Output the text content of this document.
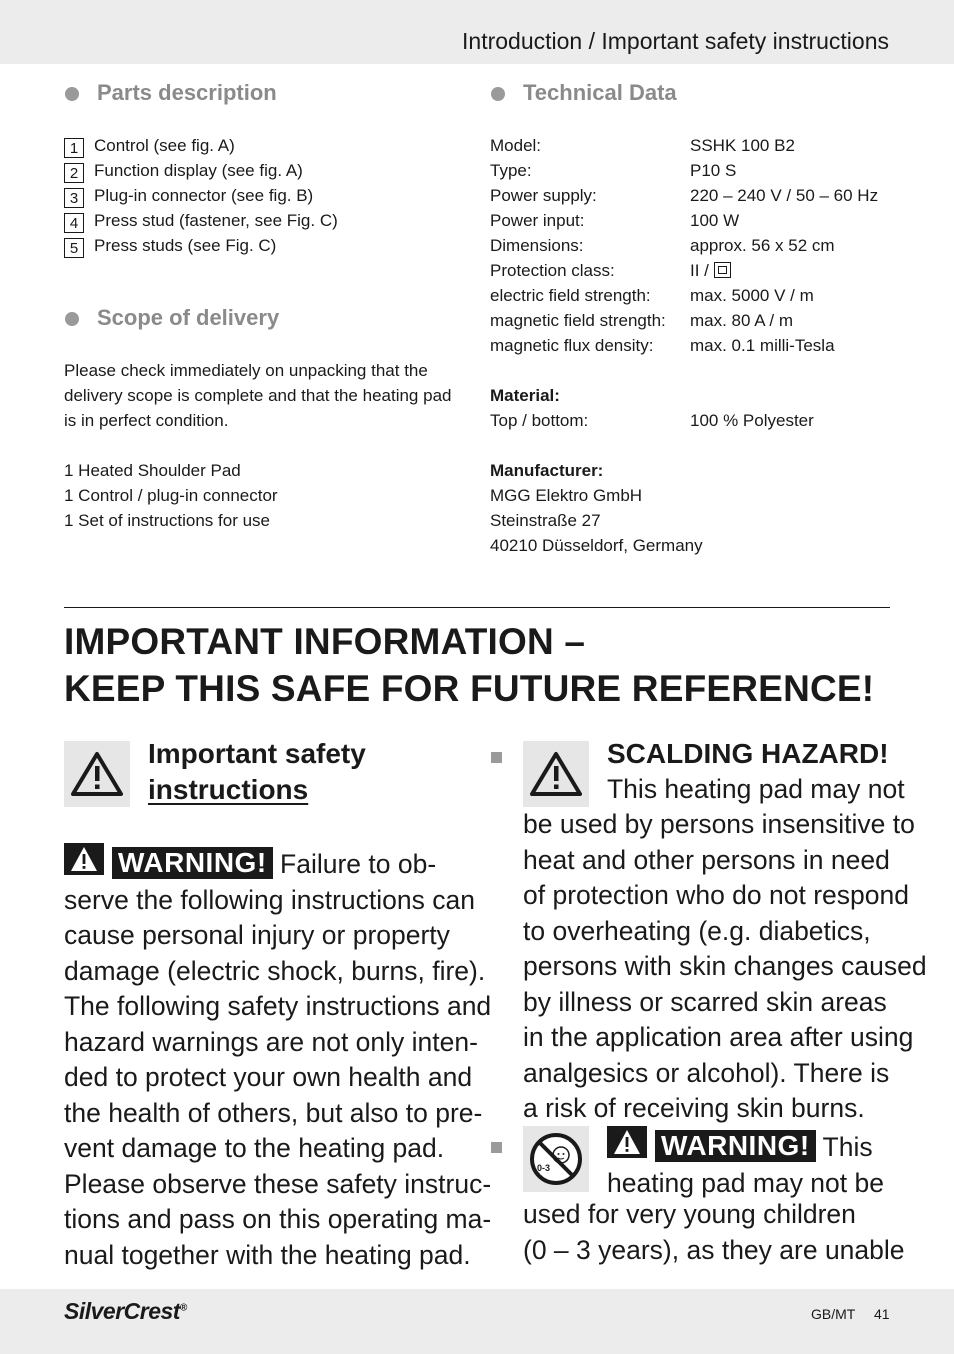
Introduction / Important safety instructions
Parts description
1 Control (see fig. A)
2 Function display (see fig. A)
3 Plug-in connector (see fig. B)
4 Press stud (fastener, see Fig. C)
5 Press studs (see Fig. C)
Scope of delivery
Please check immediately on unpacking that the
delivery scope is complete and that the heating pad
is in perfect condition.
1 Heated Shoulder Pad
1 Control / plug-in connector
1 Set of instructions for use
Technical Data
Model:	SSHK 100 B2
Type:	P10 S
Power supply:	220 – 240 V / 50 – 60 Hz
Power input:	100 W
Dimensions:	approx. 56 x 52 cm
Protection class:	II /
electric field strength: max. 5000 V / m
magnetic field strength: max. 80 A / m
magnetic flux density: max. 0.1 milli-Tesla
Material:
Top / bottom:	100 % Polyester
Manufacturer:
MGG Elektro GmbH
Steinstraße 27
40210 Düsseldorf, Germany
IMPORTANT INFORMATION –
KEEP THIS SAFE FOR FUTURE REFERENCE!
Important safety
instructions
WARNING! Failure to ob-
serve the following instructions can
cause personal injury or property
damage (electric shock, burns, fire).
The following safety instructions and
hazard warnings are not only inten-
ded to protect your own health and
the health of others, but also to pre-
vent damage to the heating pad.
Please observe these safety instruc-
tions and pass on this operating ma-
nual together with the heating pad.
SCALDING HAZARD!
This heating pad may not
be used by persons insensitive to
heat and other persons in need
of protection who do not respond
to overheating (e.g. diabetics,
persons with skin changes caused
by illness or scarred skin areas
in the application area after using
analgesics or alcohol). There is
a risk of receiving skin burns.
0-3
WARNING! This
heating pad may not be
used for very young children
(0 – 3 years), as they are unable
SilverCrest®	GB/MT 41
